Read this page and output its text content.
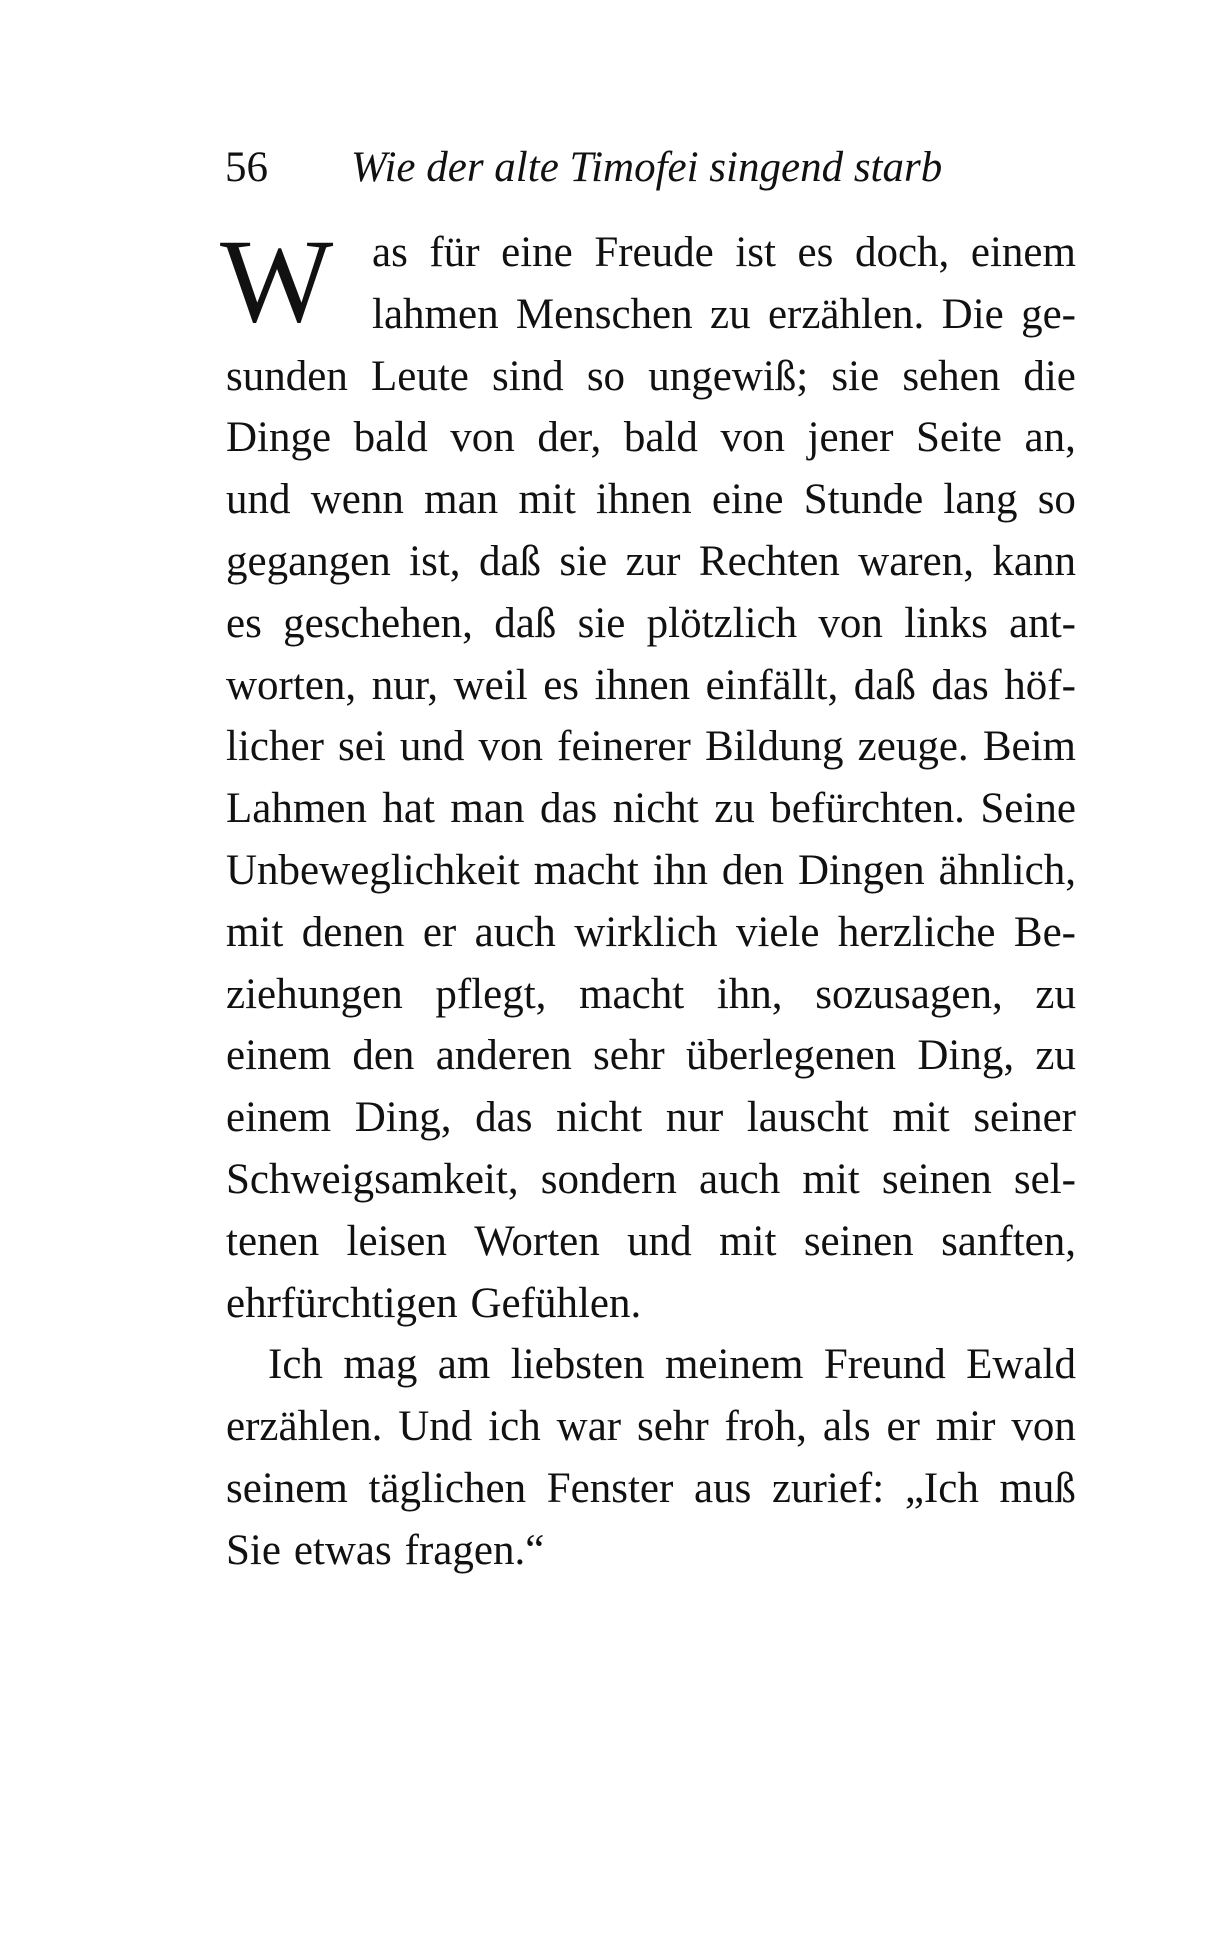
56 Wie der alte Timofei singend starb
W as für eine Freude ist es doch, einem
lahmen Menschen zu erzählen. Die ge-
sunden Leute sind so ungewiß; sie sehen die
Dinge bald von der, bald von jener Seite an,
und wenn man mit ihnen eine Stunde lang so
gegangen ist, daß sie zur Rechten waren, kann
es geschehen, daß sie plötzlich von links ant-
worten, nur, weil es ihnen einfällt, daß das höf-
licher sei und von feinerer Bildung zeuge. Beim
Lahmen hat man das nicht zu befürchten. Seine
Unbeweglichkeit macht ihn den Dingen ähnlich,
mit denen er auch wirklich viele herzliche Be-
ziehungen pflegt, macht ihn, sozusagen, zu
einem den anderen sehr überlegenen Ding, zu
einem Ding, das nicht nur lauscht mit seiner
Schweigsamkeit, sondern auch mit seinen sel-
tenen leisen Worten und mit seinen sanften,
ehrfürchtigen Gefühlen.
Ich mag am liebsten meinem Freund Ewald
erzählen. Und ich war sehr froh, als er mir von
seinem täglichen Fenster aus zurief: „Ich muß
Sie etwas fragen.“
